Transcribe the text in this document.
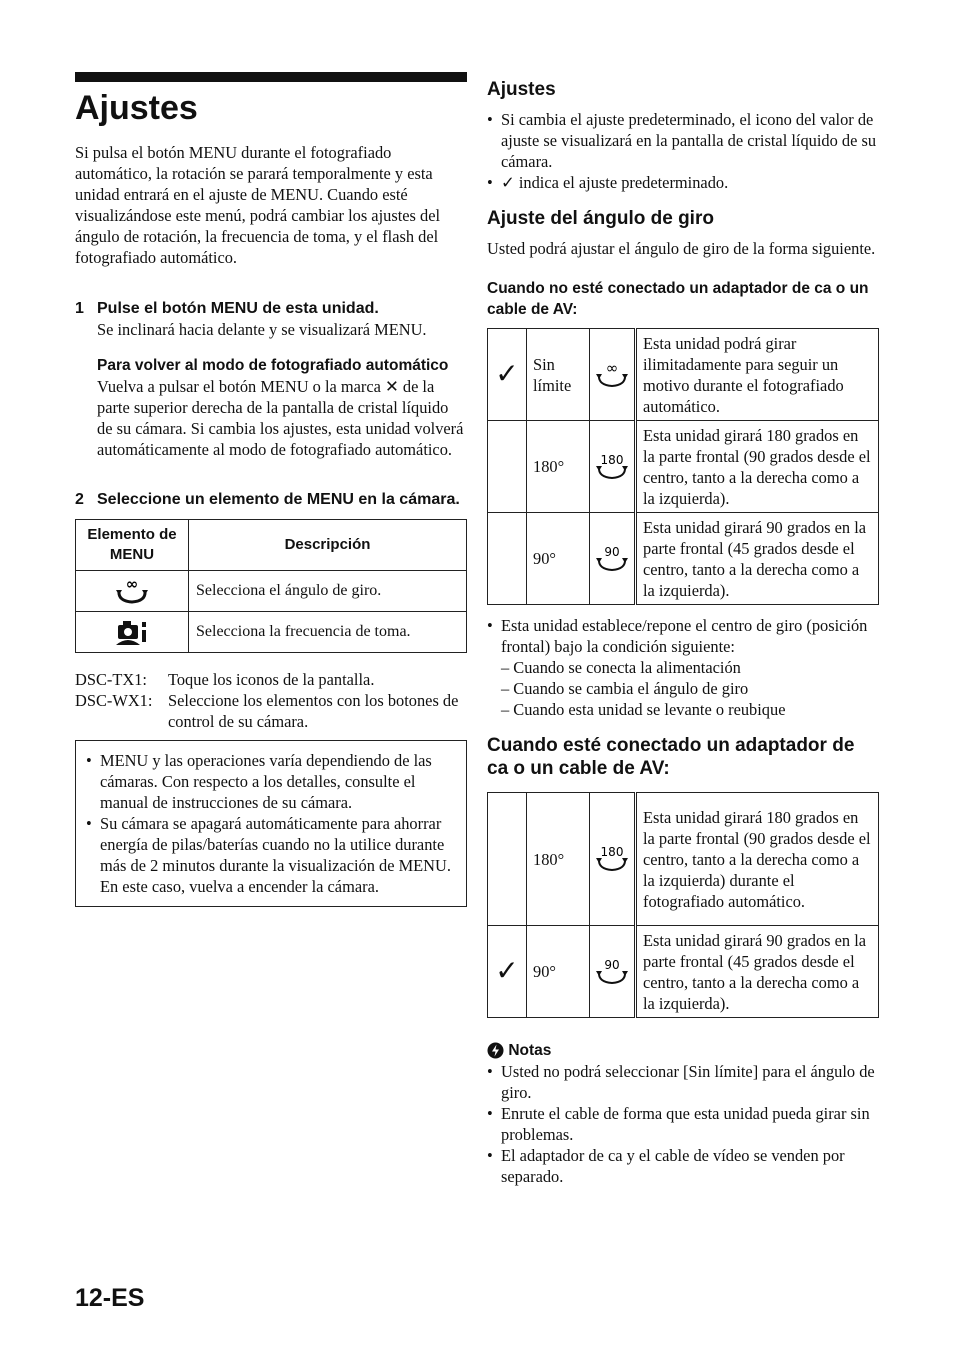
Ajustes

Si pulsa el botón MENU durante el fotografiado automático, la rotación se parará temporalmente y esta unidad entrará en el ajuste de MENU. Cuando esté visualizándose este menú, podrá cambiar los ajustes del ángulo de rotación, la frecuencia de toma, y el flash del fotografiado automático.

1 Pulse el botón MENU de esta unidad.

Se inclinará hacia delante y se visualizará MENU.

Para volver al modo de fotografiado automático

Vuelva a pulsar el botón MENU o la marca ✕ de la parte superior derecha de la pantalla de cristal líquido de su cámara. Si cambia los ajustes, esta unidad volverá automáticamente al modo de fotografiado automático.

2 Seleccione un elemento de MENU en la cámara.

Elemento de MENU	Descripción

∞	Selecciona el ángulo de giro.
	Selecciona la frecuencia de toma.
DSC-TX1:	Toque los iconos de la pantalla.
DSC-WX1: Seleccione los elementos con los botones de control de su cámara.
• MENU y las operaciones varía dependiendo de las cámaras. Con respecto a los detalles, consulte el manual de instrucciones de su cámara.
• Su cámara se apagará automáticamente para ahorrar energía de pilas/baterías cuando no la utilice durante más de 2 minutos durante la visualización de MENU. En este caso, vuelva a encender la cámara.
Ajustes
• Si cambia el ajuste predeterminado, el icono del valor de ajuste se visualizará en la pantalla de cristal líquido de su cámara.
• ✓ indica el ajuste predeterminado.
Ajuste del ángulo de giro

Usted podrá ajustar el ángulo de giro de la forma siguiente.

Cuando no esté conectado un adaptador de ca o un cable de AV:

✓	Sin límite	∞	Esta unidad podrá girar ilimitadamente para seguir un motivo durante el fotografiado automático.
	180°	180	Esta unidad girará 180 grados en la parte frontal (90 grados desde el centro, tanto a la derecha como a la izquierda).
	90°	90	Esta unidad girará 90 grados en la parte frontal (45 grados desde el centro, tanto a la derecha como a la izquierda).
• Esta unidad establece/repone el centro de giro (posición frontal) bajo la condición siguiente:
– Cuando se conecta la alimentación
– Cuando se cambia el ángulo de giro
– Cuando esta unidad se levante o reubique
Cuando esté conectado un adaptador de ca o un cable de AV:
	180°	180	Esta unidad girará 180 grados en la parte frontal (90 grados desde el centro, tanto a la derecha como a la izquierda) durante el fotografiado automático.
✓	90°	90	Esta unidad girará 90 grados en la parte frontal (45 grados desde el centro, tanto a la derecha como a la izquierda).

Notas

• Usted no podrá seleccionar [Sin límite] para el ángulo de giro.
• Enrute el cable de forma que esta unidad pueda girar sin problemas.
• El adaptador de ca y el cable de vídeo se venden por separado.
12-ES
